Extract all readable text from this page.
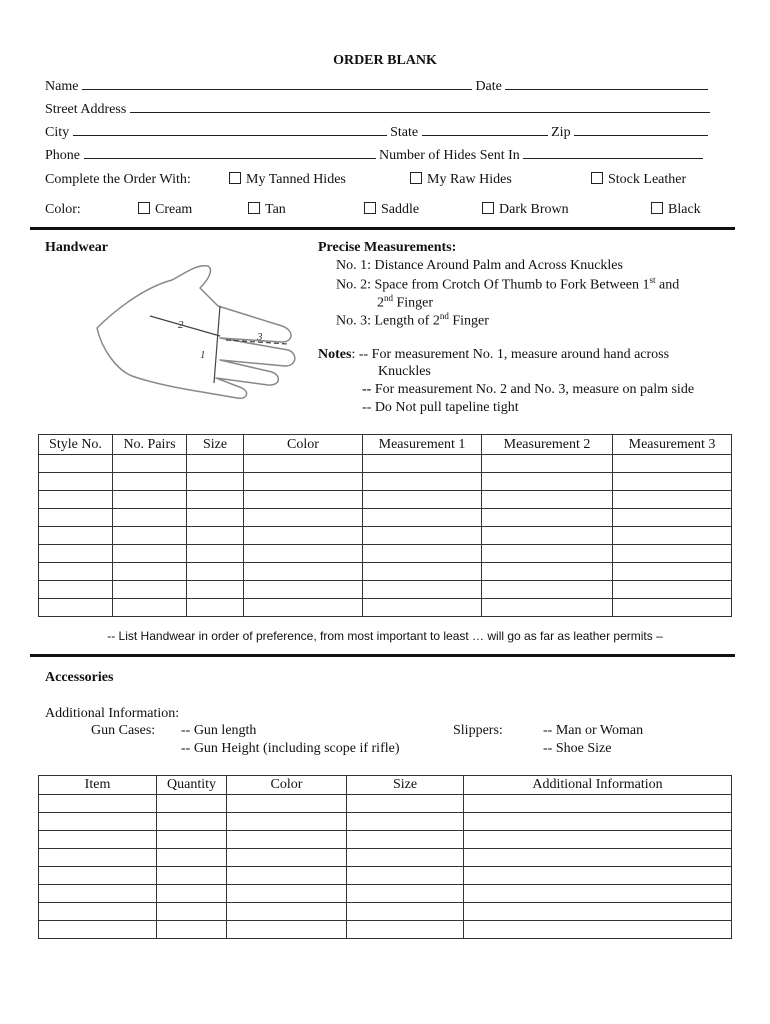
ORDER BLANK
Name	Date
Street Address
City	State	Zip
Phone	Number of Hides Sent In
Complete the Order With:	My Tanned Hides	My Raw Hides	Stock Leather
Color:	Cream	Tan	Saddle	Dark Brown	Black
Handwear
2
1
3
Precise Measurements:
No. 1: Distance Around Palm and Across Knuckles
No. 2: Space from Crotch Of Thumb to Fork Between 1st and
2nd Finger
No. 3: Length of 2nd Finger
Notes: -- For measurement No. 1, measure around hand across
Knuckles
-- For measurement No. 2 and No. 3, measure on palm side
-- Do Not pull tapeline tight
Style No.	No. Pairs	Size	Color	Measurement 1	Measurement 2	Measurement 3

-- List Handwear in order of preference, from most important to least … will go as far as leather permits –
Accessories
Additional Information:
Gun Cases: -- Gun length
-- Gun Height (including scope if rifle)
Slippers:	-- Man or Woman
-- Shoe Size
Item	Quantity	Color	Size	Additional Information
